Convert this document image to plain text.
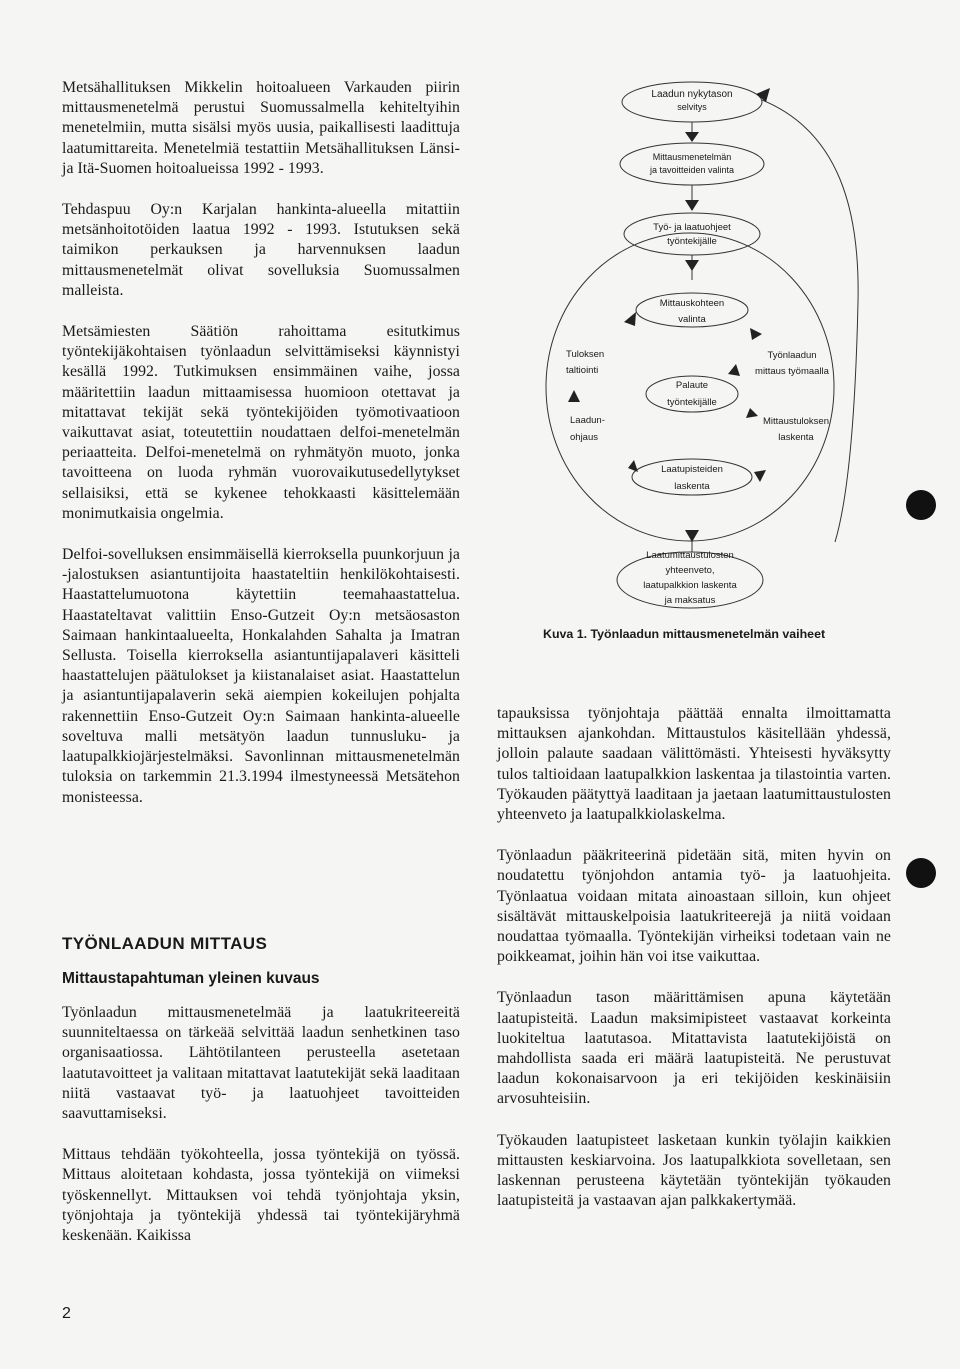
Metsähallituksen Mikkelin hoitoalueen Varkauden piirin mittausmenetelmä perustui Suomussalmella kehiteltyihin menetelmiin, mutta sisälsi myös uusia, paikallisesti laadittuja laatumittareita. Menetelmiä testattiin Metsähallituksen Länsi- ja Itä-Suomen hoitoalueissa 1992 - 1993.

Tehdaspuu Oy:n Karjalan hankinta-alueella mitattiin metsänhoitotöiden laatua 1992 - 1993. Istutuksen sekä taimikon perkauksen ja harvennuksen laadun mittausmenetelmät olivat sovelluksia Suomussalmen malleista.

Metsämiesten Säätiön rahoittama esitutkimus työntekijäkohtaisen työnlaadun selvittämiseksi käynnistyi kesällä 1992. Tutkimuksen ensimmäinen vaihe, jossa määritettiin laadun mittaamisessa huomioon otettavat ja mitattavat tekijät sekä työntekijöiden työmotivaatioon vaikuttavat asiat, toteutettiin noudattaen delfoi-menetelmän periaatteita. Delfoi-menetelmä on ryhmätyön muoto, jonka tavoitteena on luoda ryhmän vuorovaikutusedellytykset sellaisiksi, että se kykenee tehokkaasti käsittelemään monimutkaisia ongelmia.

Delfoi-sovelluksen ensimmäisellä kierroksella puunkorjuun ja -jalostuksen asiantuntijoita haastateltiin henkilökohtaisesti. Haastattelumuotona käytettiin teemahaastattelua. Haastateltavat valittiin Enso-Gutzeit Oy:n metsäosaston Saimaan hankintaalueelta, Honkalahden Sahalta ja Imatran Sellusta. Toisella kierroksella asiantuntijapalaveri käsitteli haastattelujen päätulokset ja kiistanalaiset asiat. Haastattelun ja asiantuntijapalaverin sekä aiempien kokeilujen pohjalta rakennettiin Enso-Gutzeit Oy:n Saimaan hankinta-alueelle soveltuva malli metsätyön laadun tunnusluku- ja laatupalkkiojärjestelmäksi. Savonlinnan mittausmenetelmän tuloksia on tarkemmin 21.3.1994 ilmestyneessä Metsätehon monisteessa.

TYÖNLAADUN MITTAUS
Mittaustapahtuman yleinen kuvaus

Työnlaadun mittausmenetelmää ja laatukriteereitä suunniteltaessa on tärkeää selvittää laadun senhetkinen taso organisaatiossa. Lähtötilanteen perusteella asetetaan laatutavoitteet ja valitaan mitattavat laatutekijät sekä laaditaan niitä vastaavat työ- ja laatuohjeet tavoitteiden saavuttamiseksi.

Mittaus tehdään työkohteella, jossa työntekijä on työssä. Mittaus aloitetaan kohdasta, jossa työntekijä on viimeksi työskennellyt. Mittauksen voi tehdä työnjohtaja yksin, työnjohtaja ja työntekijä yhdessä tai työntekijäryhmä keskenään. Kaikissa

Laadun nykytason
selvitys
Mittausmenetelmän
ja tavoitteiden valinta
Työ- ja laatuohjeet
työntekijälle
Mittauskohteen
valinta
Tuloksen
taltiointi
Työnlaadun
mittaus työmaalla
Palaute
työntekijälle
Laadun-
ohjaus
Mittaustuloksen
laskenta
Laatupisteiden
laskenta
Laatumittaustulosten
yhteenveto,
laatupalkkion laskenta
ja maksatus
Kuva 1. Työnlaadun mittausmenetelmän vaiheet

tapauksissa työnjohtaja päättää ennalta ilmoittamatta mittauksen ajankohdan. Mittaustulos käsitellään yhdessä, jolloin palaute saadaan välittömästi. Yhteisesti hyväksytty tulos taltioidaan laatupalkkion laskentaa ja tilastointia varten. Työkauden päätyttyä laaditaan ja jaetaan laatumittaustulosten yhteenveto ja laatupalkkiolaskelma.

Työnlaadun pääkriteerinä pidetään sitä, miten hyvin on noudatettu työnjohdon antamia työ- ja laatuohjeita. Työnlaatua voidaan mitata ainoastaan silloin, kun ohjeet sisältävät mittauskelpoisia laatukriteerejä ja niitä voidaan noudattaa työmaalla. Työntekijän virheiksi todetaan vain ne poikkeamat, joihin hän voi itse vaikuttaa.

Työnlaadun tason määrittämisen apuna käytetään laatupisteitä. Laadun maksimipisteet vastaavat korkeinta luokiteltua laatutasoa. Mitattavista laatutekijöistä on mahdollista saada eri määrä laatupisteitä. Ne perustuvat laadun kokonaisarvoon ja eri tekijöiden keskinäisiin arvosuhteisiin.

Työkauden laatupisteet lasketaan kunkin työlajin kaikkien mittausten keskiarvoina. Jos laatupalkkiota sovelletaan, sen laskennan perusteena käytetään työntekijän työkauden laatupisteitä ja vastaavan ajan palkkakertymää.

2
